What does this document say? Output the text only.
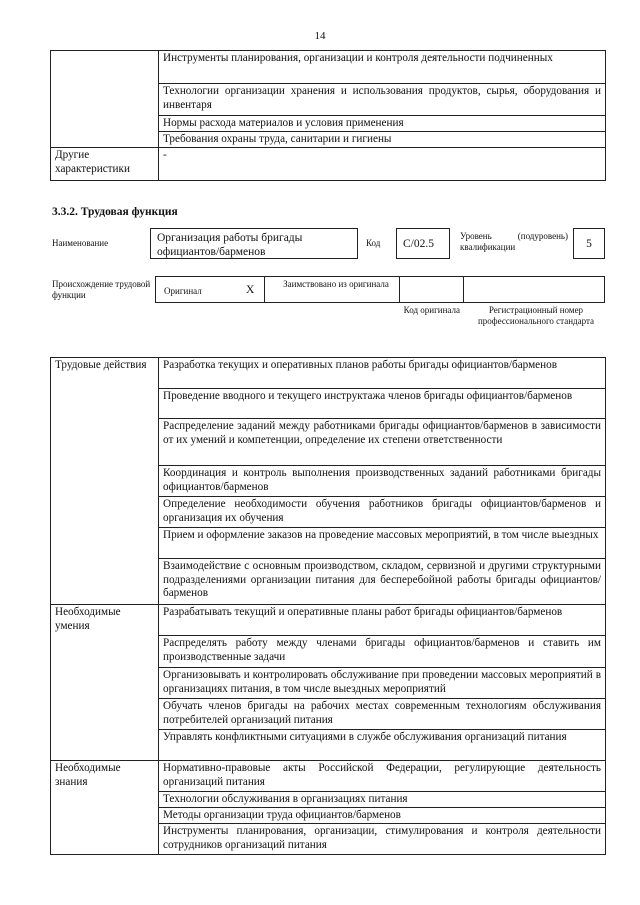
14
	Инструменты планирования, организации и контроля деятельности подчиненных
	Технологии организации хранения и использования продуктов, сырья, оборудования и инвентаря
	Нормы расхода материалов и условия применения
	Требования охраны труда, санитарии и гигиены
Другие характеристики	-
3.3.2. Трудовая функция
Наименование	Организация работы бригады официантов/барменов
Код	С/02.5
Уровень (подуровень) квалификации	5
Происхождение трудовой функции	Оригинал	X	Заимствовано из оригинала
Код оригинала	Регистрационный номер профессионального стандарта
Трудовые действия	Разработка текущих и оперативных планов работы бригады официантов/барменов
	Проведение вводного и текущего инструктажа членов бригады официантов/барменов
	Распределение заданий между работниками бригады официантов/барменов в зависимости от их умений и компетенции, определение их степени ответственности
	Координация и контроль выполнения производственных заданий работниками бригады официантов/барменов
	Определение необходимости обучения работников бригады официантов/барменов и организация их обучения
	Прием и оформление заказов на проведение массовых мероприятий, в том числе выездных
	Взаимодействие с основным производством, складом, сервизной и другими структурными подразделениями организации питания для бесперебойной работы бригады официантов/барменов
Необходимые умения	Разрабатывать текущий и оперативные планы работ бригады официантов/барменов
	Распределять работу между членами бригады официантов/барменов и ставить им производственные задачи
	Организовывать и контролировать обслуживание при проведении массовых мероприятий в организациях питания, в том числе выездных мероприятий
	Обучать членов бригады на рабочих местах современным технологиям обслуживания потребителей организаций питания
	Управлять конфликтными ситуациями в службе обслуживания организаций питания
Необходимые знания	Нормативно-правовые акты Российской Федерации, регулирующие деятельность организаций питания
	Технологии обслуживания в организациях питания
	Методы организации труда официантов/барменов
	Инструменты планирования, организации, стимулирования и контроля деятельности сотрудников организаций питания
